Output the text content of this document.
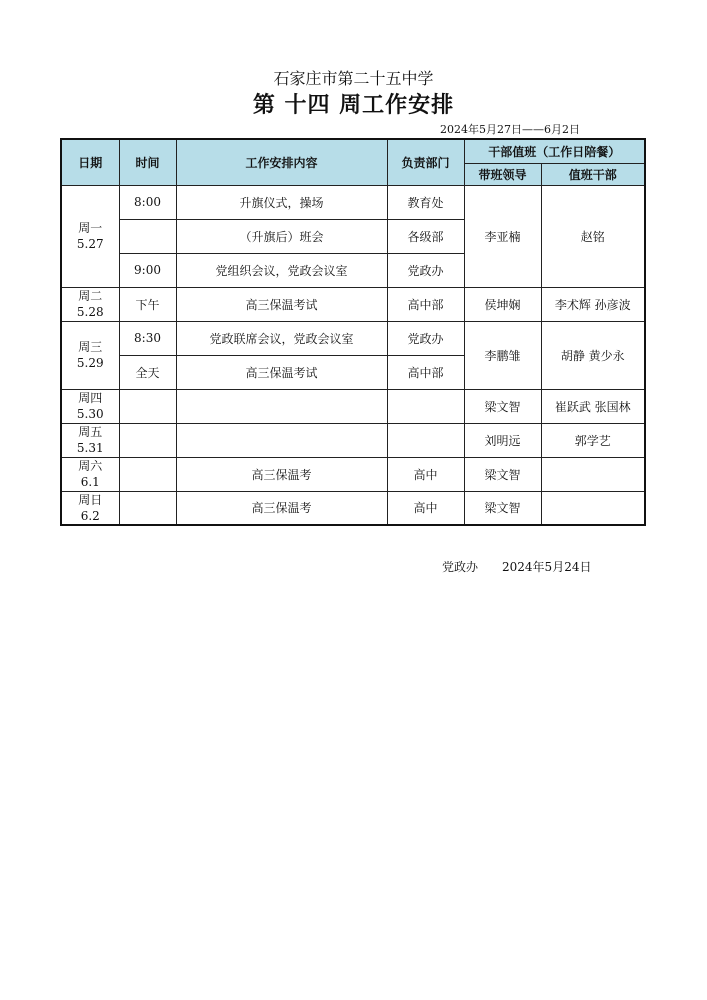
石家庄市第二十五中学
第 十四 周工作安排
2024年5月27日——6月2日
日期	时间	工作安排内容	负责部门	干部值班（工作日陪餐）	
				带班领导	值班干部

周一
5.27	8:00	升旗仪式，操场	教育处	李亚楠	赵铭
		（升旗后）班会	各级部		
	9:00	党组织会议，党政会议室	党政办		

周二
5.28	下午	高三保温考试	高中部	侯坤娴	李术辉 孙彦波

周三
5.29	8:30	党政联席会议，党政会议室	党政办	李鹏雏	胡静 黄少永
	全天	高三保温考试	高中部		

周四
5.30				梁文智	崔跃武 张国林

周五
5.31				刘明远	郭学艺

周六
6.1		高三保温考	高中	梁文智	

周日
6.2		高三保温考	高中	梁文智	
党政办 2024年5月24日
